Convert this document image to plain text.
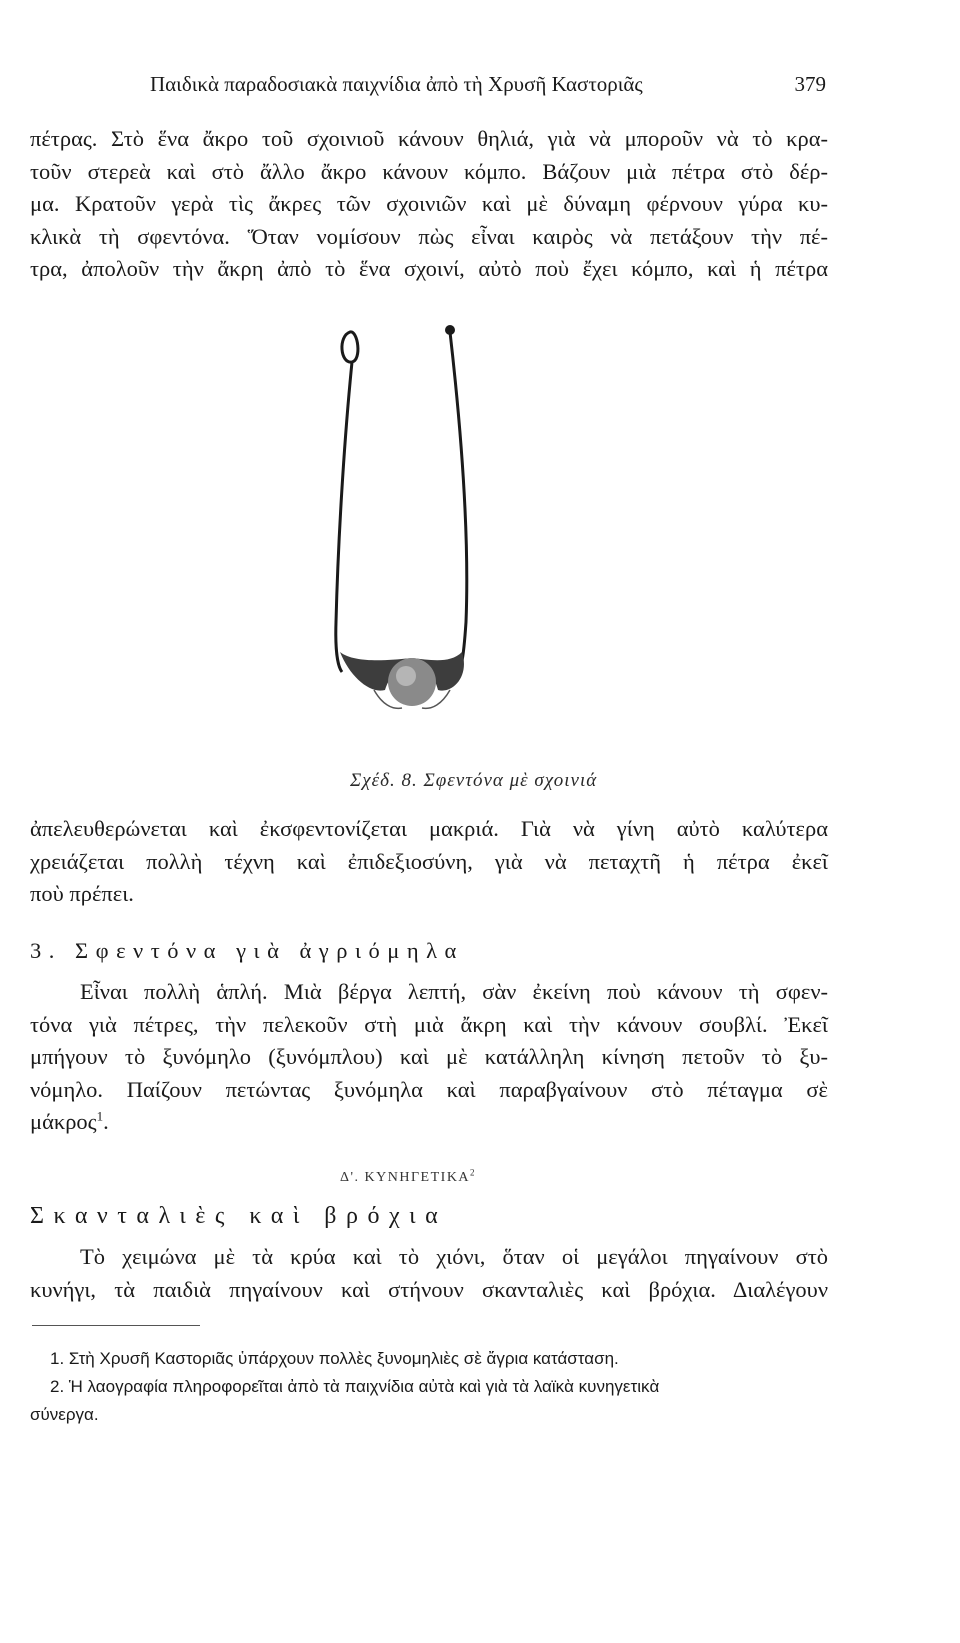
Παιδικὰ παραδοσιακὰ παιχνίδια ἀπὸ τὴ Χρυσῆ Καστοριᾶς	379
πέτρας. Στὸ ἕνα ἄκρο τοῦ σχοινιοῦ κάνουν θηλιά, γιὰ νὰ μποροῦν νὰ τὸ κρα-
τοῦν στερεὰ καὶ στὸ ἄλλο ἄκρο κάνουν κόμπο. Βάζουν μιὰ πέτρα στὸ δέρ-
μα. Κρατοῦν γερὰ τὶς ἄκρες τῶν σχοινιῶν καὶ μὲ δύναμη φέρνουν γύρα κυ-
κλικὰ τὴ σφεντόνα. Ὅταν νομίσουν πὼς εἶναι καιρὸς νὰ πετάξουν τὴν πέ-
τρα, ἀπολοῦν τὴν ἄκρη ἀπὸ τὸ ἕνα σχοινί, αὐτὸ ποὺ ἔχει κόμπο, καὶ ἡ πέτρα
Σχέδ. 8. Σφεντόνα μὲ σχοινιά
ἀπελευθερώνεται καὶ ἐκσφεντονίζεται μακριά. Γιὰ νὰ γίνη αὐτὸ καλύτερα
χρειάζεται πολλὴ τέχνη καὶ ἐπιδεξιοσύνη, γιὰ νὰ πεταχτῆ ἡ πέτρα ἐκεῖ
ποὺ πρέπει.
3. Σφεντόνα γιὰ ἀγριόμηλα
Εἶναι πολλὴ ἁπλή. Μιὰ βέργα λεπτή, σὰν ἐκείνη ποὺ κάνουν τὴ σφεν-
τόνα γιὰ πέτρες, τὴν πελεκοῦν στὴ μιὰ ἄκρη καὶ τὴν κάνουν σουβλί. Ἐκεῖ
μπήγουν τὸ ξυνόμηλο (ξυνόμπλου) καὶ μὲ κατάλληλη κίνηση πετοῦν τὸ ξυ-
νόμηλο. Παίζουν πετώντας ξυνόμηλα καὶ παραβγαίνουν στὸ πέταγμα σὲ
μάκρος$^1$.
Δ'. ΚΥΝΗΓΕΤΙΚΑ$^2$
Σκανταλιὲς καὶ βρόχια
Τὸ χειμώνα μὲ τὰ κρύα καὶ τὸ χιόνι, ὅταν οἱ μεγάλοι πηγαίνουν στὸ
κυνήγι, τὰ παιδιὰ πηγαίνουν καὶ στήνουν σκανταλιὲς καὶ βρόχια. Διαλέγουν

1. Στὴ Χρυσῆ Καστοριᾶς ὑπάρχουν πολλὲς ξυνομηλιὲς σὲ ἄγρια κατάσταση.

2. Ἡ λαογραφία πληροφορεῖται ἀπὸ τὰ παιχνίδια αὐτὰ καὶ γιὰ τὰ λαϊκὰ κυνηγετικὰ

σύνεργα.
